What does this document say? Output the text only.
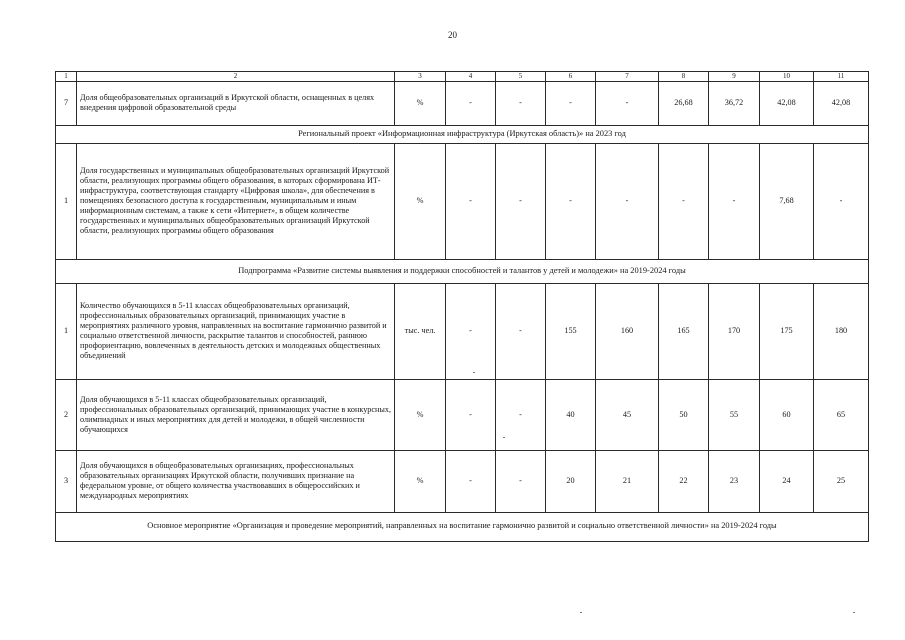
20
1	2	3	4	5	6	7	8	9	10	11
7	Доля общеобразовательных организаций в Иркутской области, оснащенных в целях внедрения цифровой образовательной среды	%	-	-	-	-	26,68	36,72	42,08	42,08
Региональный проект «Информационная инфраструктура (Иркутская область)» на 2023 год										
1	Доля государственных и муниципальных общеобразовательных организаций Иркутской области, реализующих программы общего образования, в которых сформирована ИТ-инфраструктура, соответствующая стандарту «Цифровая школа», для обеспечения в помещениях безопасного доступа к государственным, муниципальным и иным информационным системам, а также к сети «Интернет», в общем количестве государственных и муниципальных общеобразовательных организаций Иркутской области, реализующих программы общего образования	%	-	-	-	-	-	-	7,68	-
Подпрограмма «Развитие системы выявления и поддержки способностей и талантов у детей и молодежи» на 2019-2024 годы										
1	Количество обучающихся в 5-11 классах общеобразовательных организаций, профессиональных образовательных организаций, принимающих участие в мероприятиях различного уровня, направленных на воспитание гармонично развитой и социально ответственной личности, раскрытие талантов и способностей, раннюю профориентацию, вовлеченных в деятельность детских и молодежных общественных объединений	тыс. чел.	-	-	155	160	165	170	175	180
2	Доля обучающихся в 5-11 классах общеобразовательных организаций, профессиональных образовательных организаций, принимающих участие в конкурсных, олимпиадных и иных мероприятиях для детей и молодежи, в общей численности обучающихся	%	-	-	40	45	50	55	60	65
3	Доля обучающихся в общеобразовательных организациях, профессиональных образовательных организациях Иркутской области, получивших признание на федеральном уровне, от общего количества участвовавших в общероссийских и международных мероприятиях	%	-	-	20	21	22	23	24	25
Основное мероприятие «Организация и проведение мероприятий, направленных на воспитание гармонично развитой и социально ответственной личности» на 2019-2024 годы										
